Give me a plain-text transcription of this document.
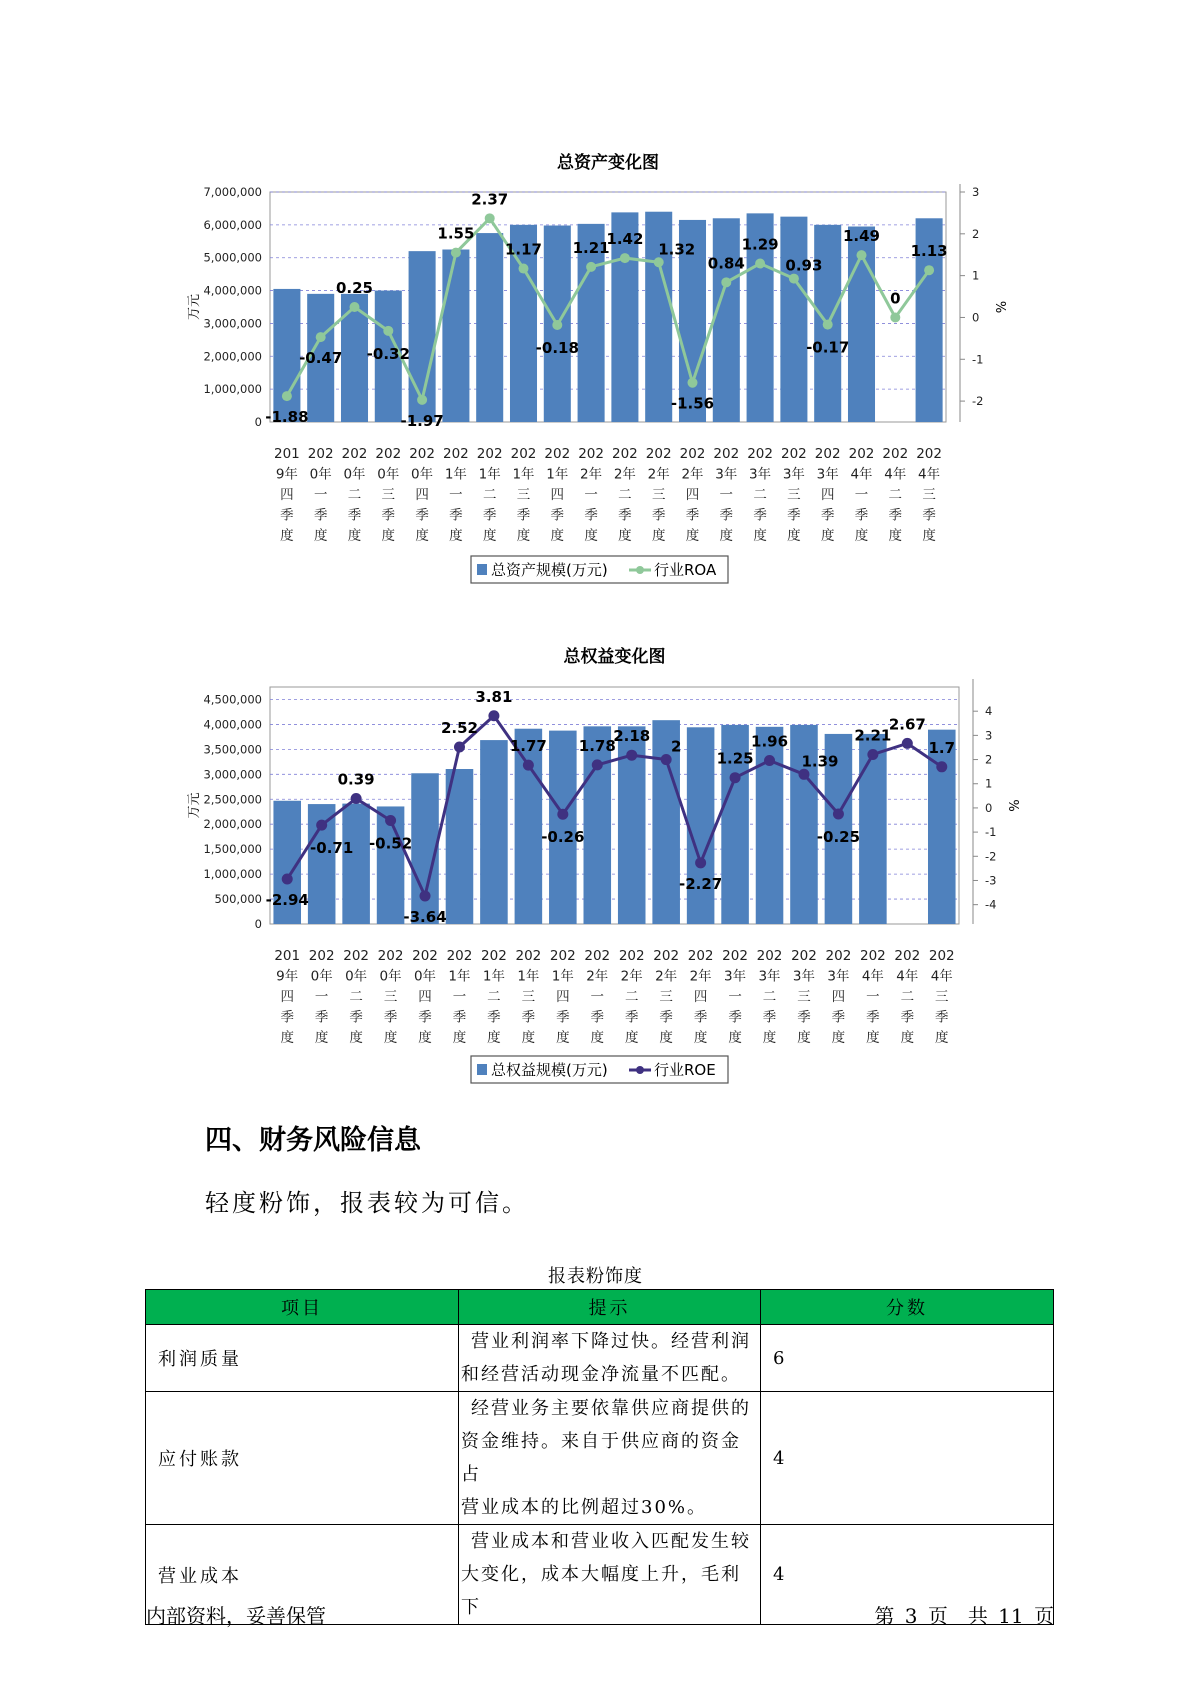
总资产变化图
0
1,000,000
2,000,000
3,000,000
4,000,000
5,000,000
6,000,000
7,000,000
万元
-2
-1
0
1
2
3
%
-1.88
-0.47
0.25
-0.32
-1.97
1.55
2.37
1.17
-0.18
1.21
1.42
1.32
-1.56
0.84
1.29
0.93
-0.17
1.49
0
1.13
201
9年
四
季
度
202
0年
一
季
度
202
0年
二
季
度
202
0年
三
季
度
202
0年
四
季
度
202
1年
一
季
度
202
1年
二
季
度
202
1年
三
季
度
202
1年
四
季
度
202
2年
一
季
度
202
2年
二
季
度
202
2年
三
季
度
202
2年
四
季
度
202
3年
一
季
度
202
3年
二
季
度
202
3年
三
季
度
202
3年
四
季
度
202
4年
一
季
度
202
4年
二
季
度
202
4年
三
季
度
总资产规模(万元)	行业ROA
总权益变化图
0
500,000
1,000,000
1,500,000
2,000,000
2,500,000
3,000,000
3,500,000
4,000,000
4,500,000
万元
-4
-3
-2
-1
0
1
2
3
4
%
-2.94
-0.71
0.39
-0.52
-3.64
2.52
3.81
1.77
-0.26
1.78
2.18
2
-2.27
1.25
1.96
1.39
-0.25
2.21
2.67
1.7
201
9年
四
季
度
202
0年
一
季
度
202
0年
二
季
度
202
0年
三
季
度
202
0年
四
季
度
202
1年
一
季
度
202
1年
二
季
度
202
1年
三
季
度
202
1年
四
季
度
202
2年
一
季
度
202
2年
二
季
度
202
2年
三
季
度
202
2年
四
季
度
202
3年
一
季
度
202
3年
二
季
度
202
3年
三
季
度
202
3年
四
季
度
202
4年
一
季
度
202
4年
二
季
度
202
4年
三
季
度
总权益规模(万元)	行业ROE
四、财务风险信息

轻度粉饰，报表较为可信。

报表粉饰度
项目	提示	分数
利润质量	营业利润率下降过快。经营利润
和经营活动现金净流量不匹配。	6
应付账款	经营业务主要依靠供应商提供的
资金维持。来自于供应商的资金占
营业成本的比例超过30%。	4
营业成本	营业成本和营业收入匹配发生较
大变化，成本大幅度上升，毛利下	4
内部资料，妥善保管	第 3 页　共 11 页
